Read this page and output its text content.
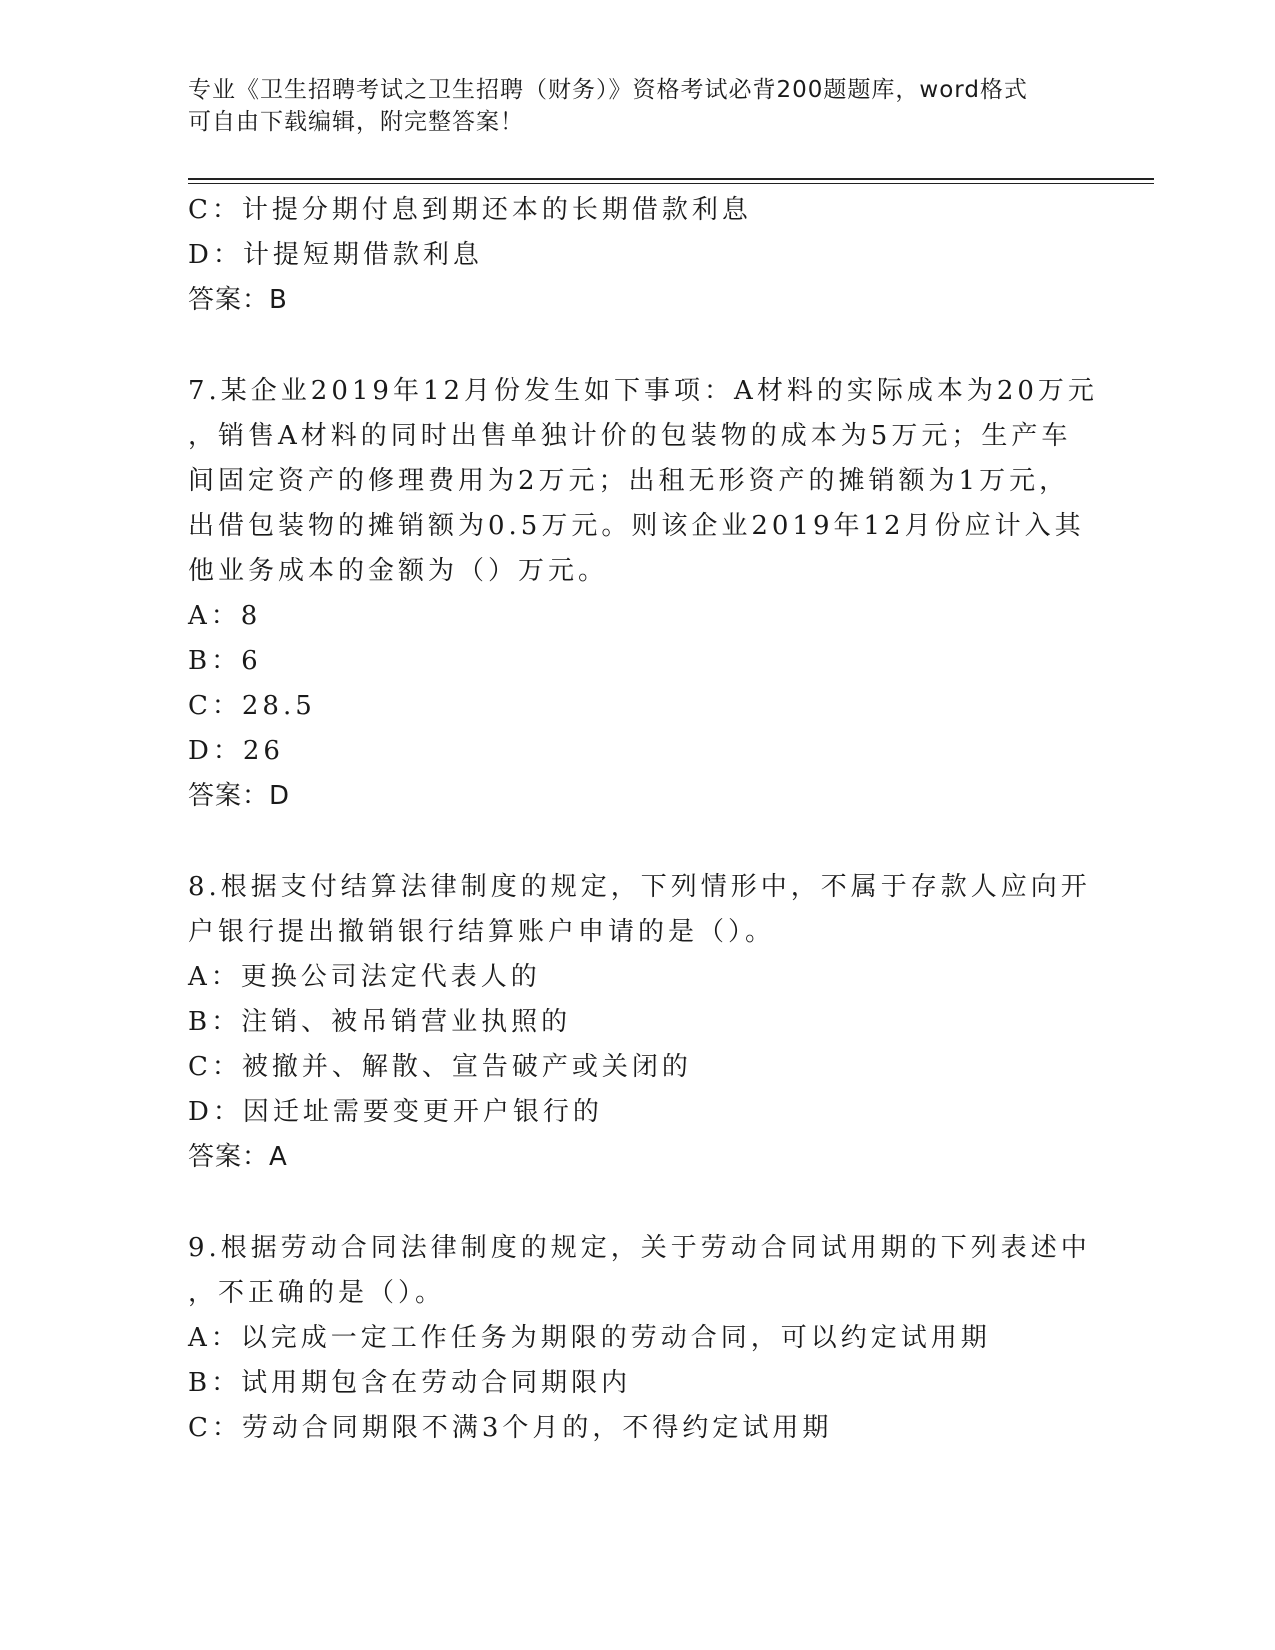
专业《卫生招聘考试之卫生招聘（财务）》资格考试必背200题题库，word格式
可自由下载编辑，附完整答案！
C：计提分期付息到期还本的长期借款利息
D：计提短期借款利息
答案：B
7.某企业2019年12月份发生如下事项：A材料的实际成本为20万元
，销售A材料的同时出售单独计价的包装物的成本为5万元；生产车
间固定资产的修理费用为2万元；出租无形资产的摊销额为1万元，
出借包装物的摊销额为0.5万元。则该企业2019年12月份应计入其
他业务成本的金额为（）万元。
A：8
B：6
C：28.5
D：26
答案：D
8.根据支付结算法律制度的规定，下列情形中，不属于存款人应向开
户银行提出撤销银行结算账户申请的是（）。
A：更换公司法定代表人的
B：注销、被吊销营业执照的
C：被撤并、解散、宣告破产或关闭的
D：因迁址需要变更开户银行的
答案：A
9.根据劳动合同法律制度的规定，关于劳动合同试用期的下列表述中
，不正确的是（）。
A：以完成一定工作任务为期限的劳动合同，可以约定试用期
B：试用期包含在劳动合同期限内
C：劳动合同期限不满3个月的，不得约定试用期
